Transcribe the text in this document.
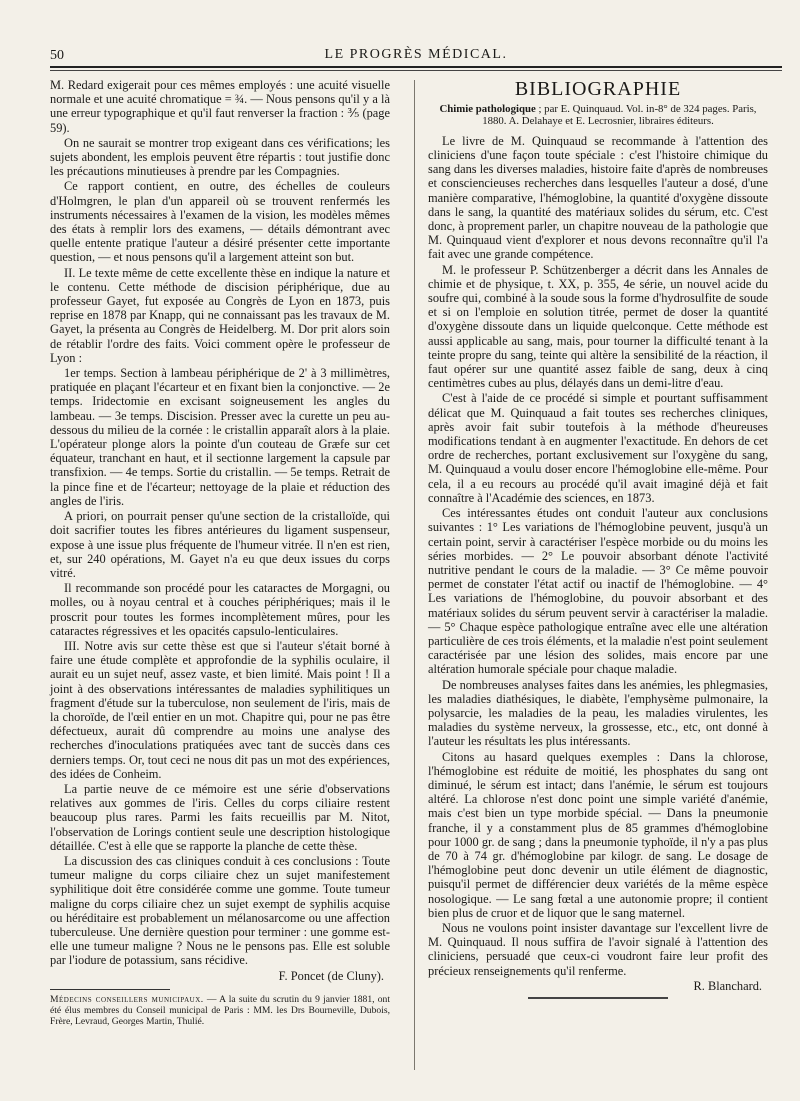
50	LE PROGRÈS MÉDICAL.

M. Redard exigerait pour ces mêmes employés : une acuité visuelle normale et une acuité chromatique = ¾. — Nous pensons qu'il y a là une erreur typographique et qu'il faut renverser la fraction : ⅗ (page 59).

On ne saurait se montrer trop exigeant dans ces vérifications; les sujets abondent, les emplois peuvent être répartis : tout justifie donc les précautions minutieuses à prendre par les Compagnies.

Ce rapport contient, en outre, des échelles de couleurs d'Holmgren, le plan d'un appareil où se trouvent renfermés les instruments nécessaires à l'examen de la vision, les modèles mêmes des états à remplir lors des examens, — détails démontrant avec quelle entente pratique l'auteur a désiré présenter cette importante question, — et nous pensons qu'il a largement atteint son but.

II. Le texte même de cette excellente thèse en indique la nature et le contenu. Cette méthode de discision périphérique, due au professeur Gayet, fut exposée au Congrès de Lyon en 1873, puis reprise en 1878 par Knapp, qui ne connaissant pas les travaux de M. Gayet, la présenta au Congrès de Heidelberg. M. Dor prit alors soin de rétablir l'ordre des faits. Voici comment opère le professeur de Lyon :

1er temps. Section à lambeau périphérique de 2' à 3 millimètres, pratiquée en plaçant l'écarteur et en fixant bien la conjonctive. — 2e temps. Iridectomie en excisant soigneusement les angles du lambeau. — 3e temps. Discision. Presser avec la curette un peu au-dessous du milieu de la cornée : le cristallin apparaît alors à la plaie. L'opérateur plonge alors la pointe d'un couteau de Græfe sur cet équateur, tranchant en haut, et il sectionne largement la capsule par transfixion. — 4e temps. Sortie du cristallin. — 5e temps. Retrait de la pince fine et de l'écarteur; nettoyage de la plaie et réduction des angles de l'iris.

A priori, on pourrait penser qu'une section de la cristalloïde, qui doit sacrifier toutes les fibres antérieures du ligament suspenseur, expose à une issue plus fréquente de l'humeur vitrée. Il n'en est rien, et, sur 240 opérations, M. Gayet n'a eu que deux issues du corps vitré.

Il recommande son procédé pour les cataractes de Morgagni, ou molles, ou à noyau central et à couches périphériques; mais il le proscrit pour toutes les formes incomplètement mûres, pour les cataractes régressives et les opacités capsulo-lenticulaires.

III. Notre avis sur cette thèse est que si l'auteur s'était borné à faire une étude complète et approfondie de la syphilis oculaire, il aurait eu un sujet neuf, assez vaste, et bien limité. Mais point ! Il a joint à des observations intéressantes de maladies syphilitiques un fragment d'étude sur la tuberculose, non seulement de l'iris, mais de la choroïde, de l'œil entier en un mot. Chapitre qui, pour ne pas être défectueux, aurait dû comprendre au moins une analyse des recherches d'inoculations pratiquées avec tant de succès dans ces derniers temps. Or, tout ceci ne nous dit pas un mot des expériences, des idées de Conheim.

La partie neuve de ce mémoire est une série d'observations relatives aux gommes de l'iris. Celles du corps ciliaire restent beaucoup plus rares. Parmi les faits recueillis par M. Nitot, l'observation de Lorings contient seule une description histologique détaillée. C'est à elle que se rapporte la planche de cette thèse.

La discussion des cas cliniques conduit à ces conclusions : Toute tumeur maligne du corps ciliaire chez un sujet manifestement syphilitique doit être considérée comme une gomme. Toute tumeur maligne du corps ciliaire chez un sujet exempt de syphilis acquise ou héréditaire est probablement un mélanosarcome ou une affection tuberculeuse. Une dernière question pour terminer : une gomme est-elle une tumeur maligne ? Nous ne le pensons pas. Elle est soluble par l'iodure de potassium, sans récidive.

F. Poncet (de Cluny).
Médecins conseillers municipaux. — A la suite du scrutin du 9 janvier 1881, ont été élus membres du Conseil municipal de Paris : MM. les Drs Bourneville, Dubois, Frère, Levraud, Georges Martin, Thulié.
BIBLIOGRAPHIE
Chimie pathologique ; par E. Quinquaud. Vol. in-8° de 324 pages. Paris, 1880. A. Delahaye et E. Lecrosnier, libraires éditeurs.

Le livre de M. Quinquaud se recommande à l'attention des cliniciens d'une façon toute spéciale : c'est l'histoire chimique du sang dans les diverses maladies, histoire faite d'après de nombreuses et consciencieuses recherches dans lesquelles l'auteur a dosé, d'une manière comparative, l'hémoglobine, la quantité d'oxygène dissoute dans le sang, la quantité des matériaux solides du sérum, etc. C'est donc, à proprement parler, un chapitre nouveau de la pathologie que M. Quinquaud vient d'explorer et nous devons reconnaître qu'il l'a fait avec une grande compétence.

M. le professeur P. Schützenberger a décrit dans les Annales de chimie et de physique, t. XX, p. 355, 4e série, un nouvel acide du soufre qui, combiné à la soude sous la forme d'hydrosulfite de soude et si on l'emploie en solution titrée, permet de doser la quantité d'oxygène dissoute dans un liquide quelconque. Cette méthode est aussi applicable au sang, mais, pour tourner la difficulté tenant à la teinte propre du sang, teinte qui altère la sensibilité de la réaction, il faut opérer sur une quantité assez faible de sang, deux à cinq centimètres cubes au plus, délayés dans un demi-litre d'eau.

C'est à l'aide de ce procédé si simple et pourtant suffisamment délicat que M. Quinquaud a fait toutes ses recherches cliniques, après avoir fait subir toutefois à la méthode d'heureuses modifications tendant à en augmenter l'exactitude. En dehors de cet ordre de recherches, portant exclusivement sur l'oxygène du sang, M. Quinquaud a voulu doser encore l'hémoglobine elle-même. Pour cela, il a eu recours au procédé qu'il avait imaginé déjà et fait connaître à l'Académie des sciences, en 1873.

Ces intéressantes études ont conduit l'auteur aux conclusions suivantes : 1° Les variations de l'hémoglobine peuvent, jusqu'à un certain point, servir à caractériser l'espèce morbide ou du moins les séries morbides. — 2° Le pouvoir absorbant dénote l'activité nutritive pendant le cours de la maladie. — 3° Ce même pouvoir permet de constater l'état actif ou inactif de l'hémoglobine. — 4° Les variations de l'hémoglobine, du pouvoir absorbant et des matériaux solides du sérum peuvent servir à caractériser la maladie. — 5° Chaque espèce pathologique entraîne avec elle une altération particulière de ces trois éléments, et la maladie n'est point seulement caractérisée par une lésion des solides, mais encore par une altération humorale spéciale pour chaque maladie.

De nombreuses analyses faites dans les anémies, les phlegmasies, les maladies diathésiques, le diabète, l'emphysème pulmonaire, la polysarcie, les maladies de la peau, les maladies virulentes, les maladies du système nerveux, la grossesse, etc., etc, ont donné à l'auteur les résultats les plus intéressants.

Citons au hasard quelques exemples : Dans la chlorose, l'hémoglobine est réduite de moitié, les phosphates du sang ont diminué, le sérum est intact; dans l'anémie, le sérum est toujours altéré. La chlorose n'est donc point une simple variété d'anémie, mais c'est bien un type morbide spécial. — Dans la pneumonie franche, il y a constamment plus de 85 grammes d'hémoglobine pour 1000 gr. de sang ; dans la pneumonie typhoïde, il n'y a pas plus de 70 à 74 gr. d'hémoglobine par kilogr. de sang. Le dosage de l'hémoglobine peut donc devenir un utile élément de diagnostic, puisqu'il permet de différencier deux variétés de la même espèce nosologique. — Le sang fœtal a une autonomie propre; il contient bien plus de cruor et de liquor que le sang maternel.

Nous ne voulons point insister davantage sur l'excellent livre de M. Quinquaud. Il nous suffira de l'avoir signalé à l'attention des cliniciens, persuadé que ceux-ci voudront faire leur profit des précieux renseignements qu'il renferme.

R. Blanchard.
